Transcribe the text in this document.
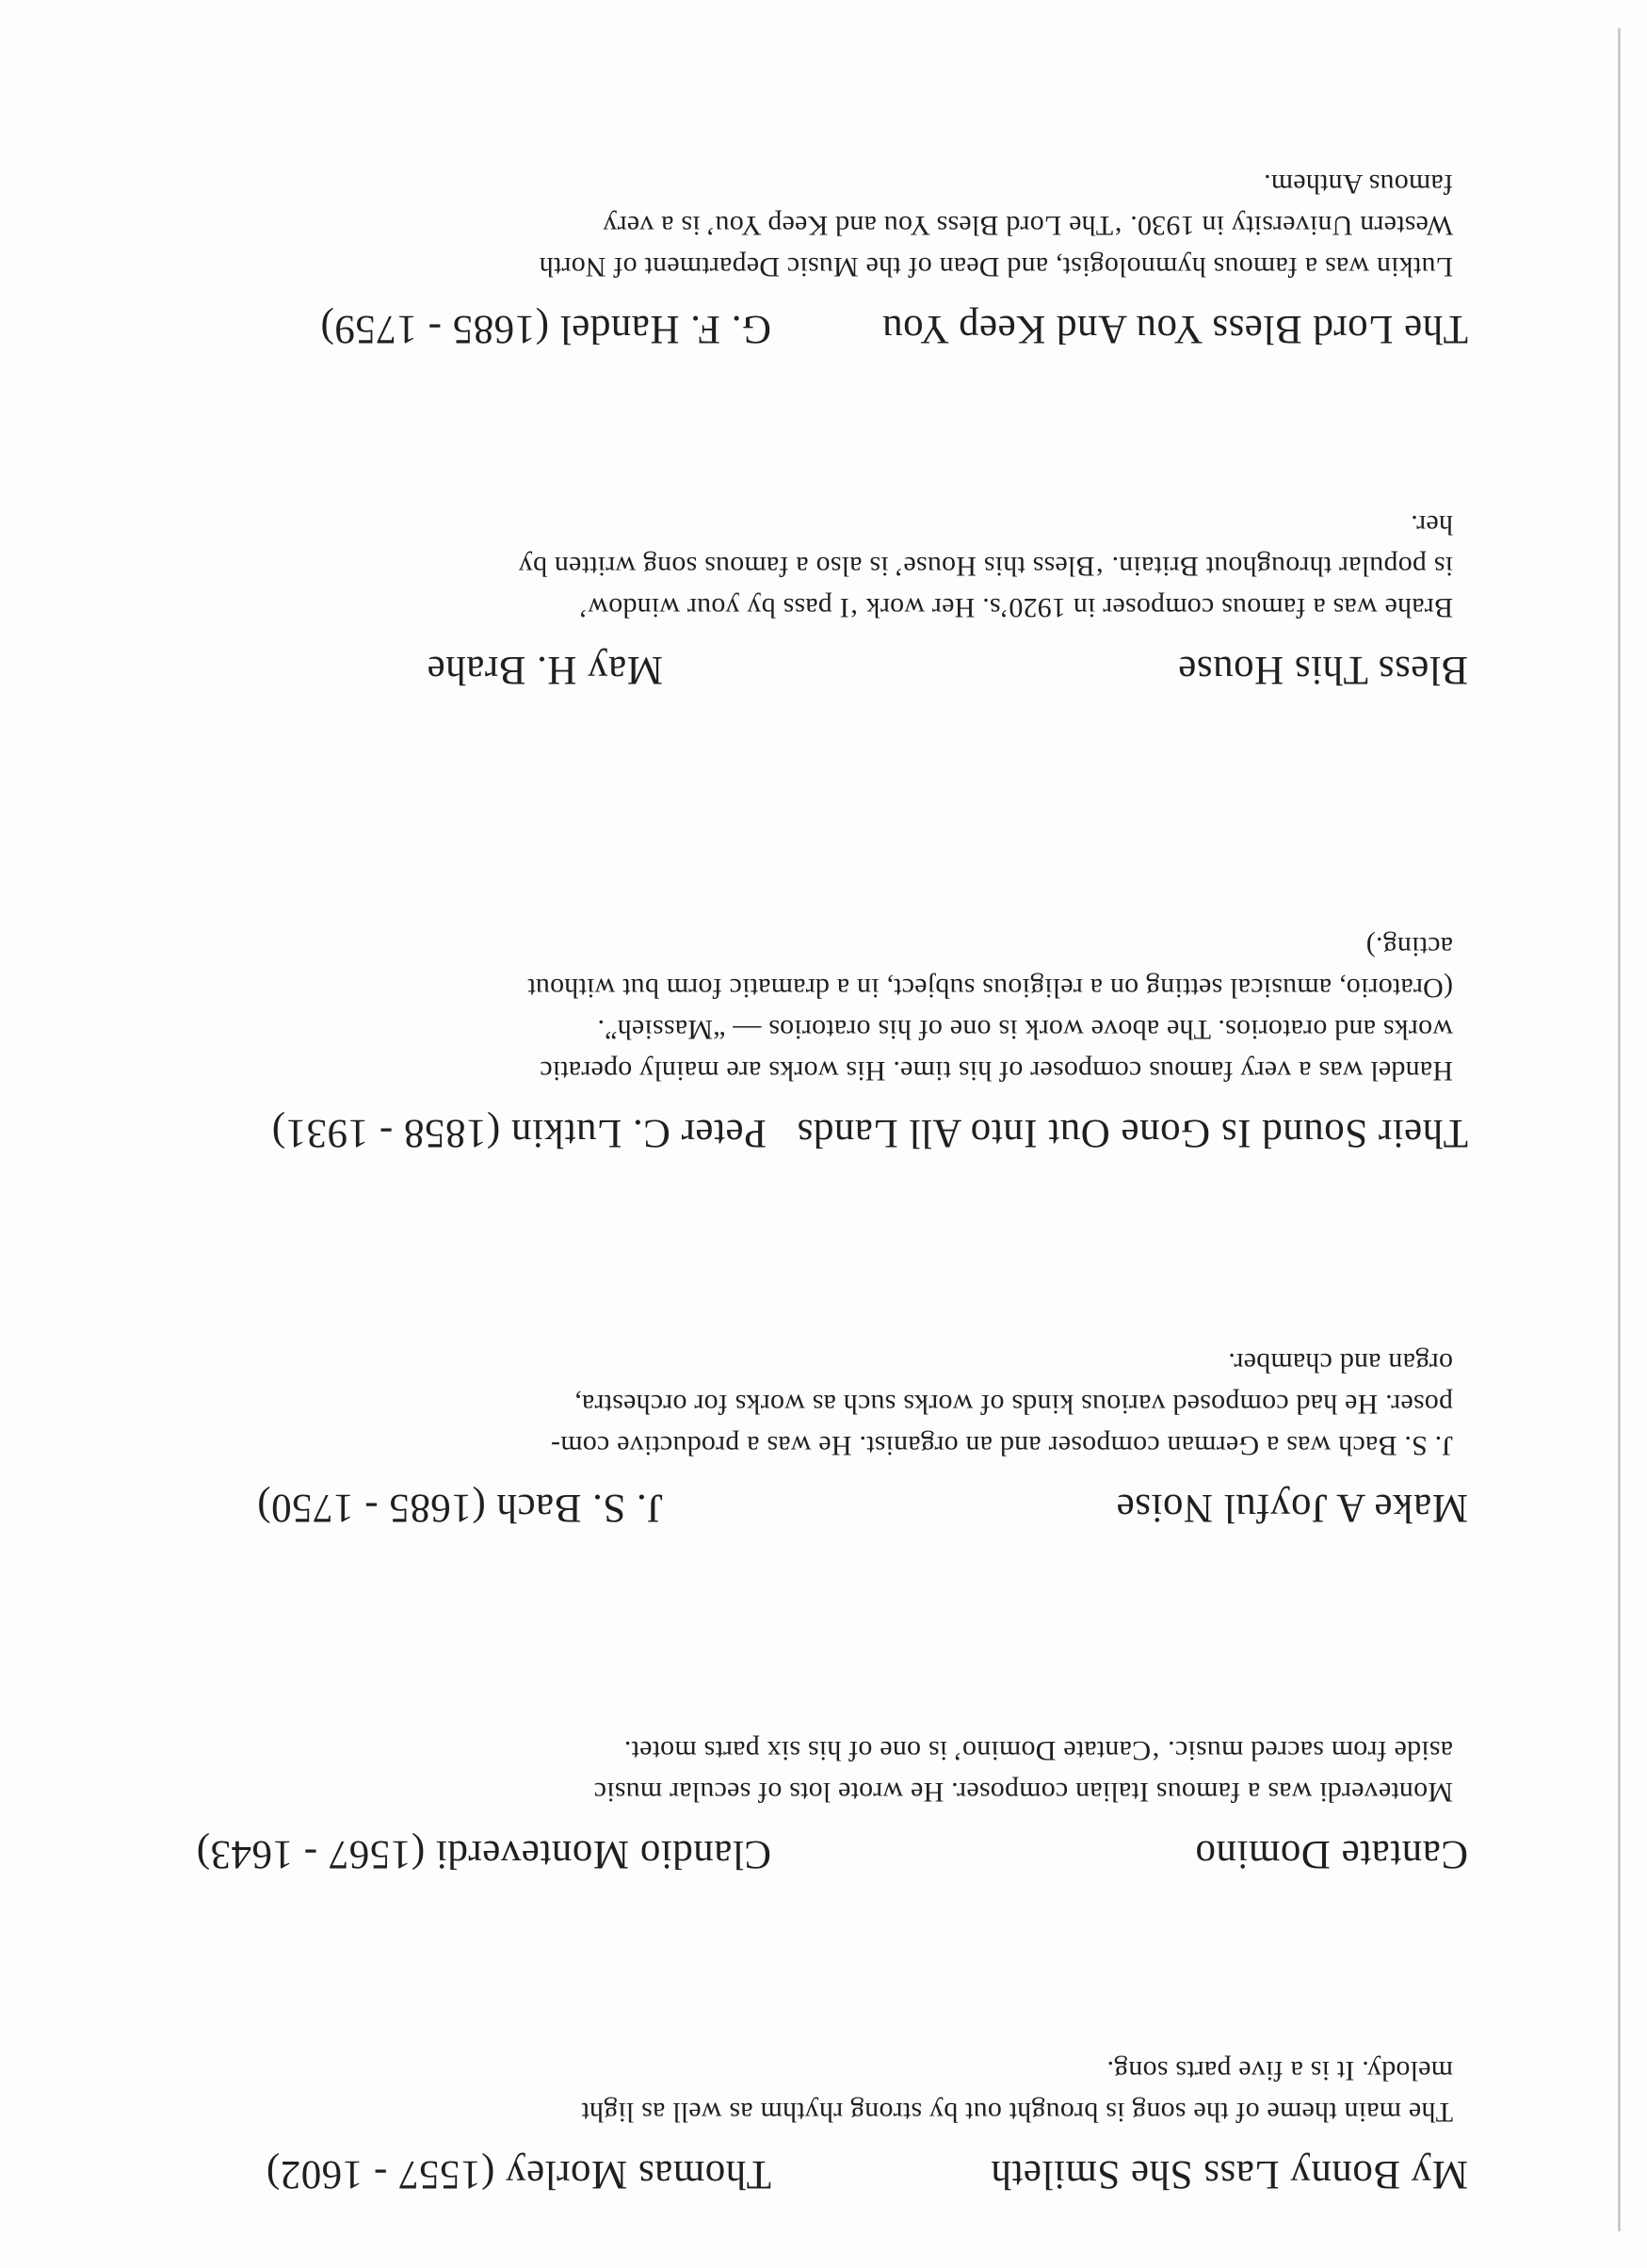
My Bonny Lass She Smileth
Thomas Morley (1557 - 1602)
The main theme of the song is brought out by strong rhythm as well as light
melody. It is a five parts song.
Cantate Domino
Clandio Monteverdi (1567 - 1643)
Monteverdi was a famous Italian composer. He wrote lots of secular music
aside from sacred music. ‘Cantate Domino’ is one of his six parts motet.
Make A Joyful Noise
J. S. Bach (1685 - 1750)
J. S. Bach was a German composer and an organist. He was a productive com-
poser. He had composed various kinds of works such as works for orchestra,
organ and chamber.
Their Sound Is Gone Out Into All Lands
Peter C. Lutkin (1858 - 1931)
Handel was a very famous composer of his time. His works are mainly operatic
works and oratorios. The above work is one of his oratorios — “Massieh”.
(Oratorio, amusical setting on a religious subject, in a dramatic form but without
acting.)
Bless This House
May H. Brahe
Brahe was a famous composer in 1920’s. Her work ‘I pass by your window’
is popular throughout Britain. ‘Bless this House’ is also a famous song written by
her.
The Lord Bless You And Keep You
G. F. Handel (1685 - 1759)
Lutkin was a famous hymnologist, and Dean of the Music Department of North
Western University in 1930. ‘The Lord Bless You and Keep You’ is a very
famous Anthem.
